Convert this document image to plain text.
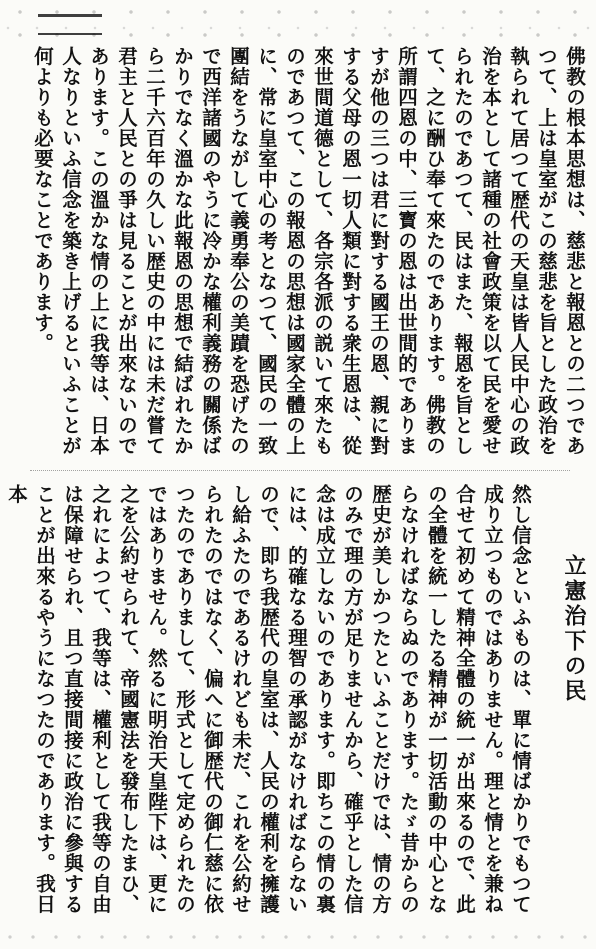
佛教の根本思想は、慈悲と報恩との二つであつて、上は皇室がこの慈悲を旨とした政治を執られて居つて歴代の天皇は皆人民中心の政治を本として諸種の社會政策を以て民を愛せられたのであつて、民はまた、報恩を旨として、之に酬ひ奉て來たのであります。佛教の所謂四恩の中、三寳の恩は出世間的でありますが他の三つは君に對する國王の恩、親に對する父母の恩一切人類に對する衆生恩は、從來世間道德として、各宗各派の説いて來たものであつて、この報恩の思想は國家全體の上に、常に皇室中心の考となつて、國民の一致團結をうながして義勇奉公の美蹟を恐げたので西洋諸國のやうに冷かな權利義務の關係ばかりでなく溫かな此報恩の思想で結ばれたから二千六百年の久しい歴史の中には未だ嘗て君主と人民との爭は見ることが出來ないのであります。この溫かな情の上に我等は、日本人なりといふ信念を築き上げるといふことが何よりも必要なことであります。

立憲治下の民

然し信念といふものは、單に情ばかりでもつて成り立つものではありません。理と情とを兼ね合せて初めて精神全體の統一が出來るので、此の全體を統一したる精神が一切活動の中心とならなければならぬのであります。たゞ昔からの歴史が美しかつたといふことだけでは、情の方のみで理の方が足りませんから、確乎とした信念は成立しないのであります。即ちこの情の裏には、的確なる理智の承認がなければならないので、即ち我歴代の皇室は、人民の權利を擁護し給ふたのであるけれども未だ、これを公約せられたのではなく、偏へに御歴代の御仁慈に依つたのでありまして、形式として定められたのではありません。然るに明治天皇陛下は、更に之を公約せられて、帝國憲法を發布したまひ、之れによつて、我等は、權利として我等の自由は保障せられ、且つ直接間接に政治に參與することが出來るやうになつたのであります。我日本
